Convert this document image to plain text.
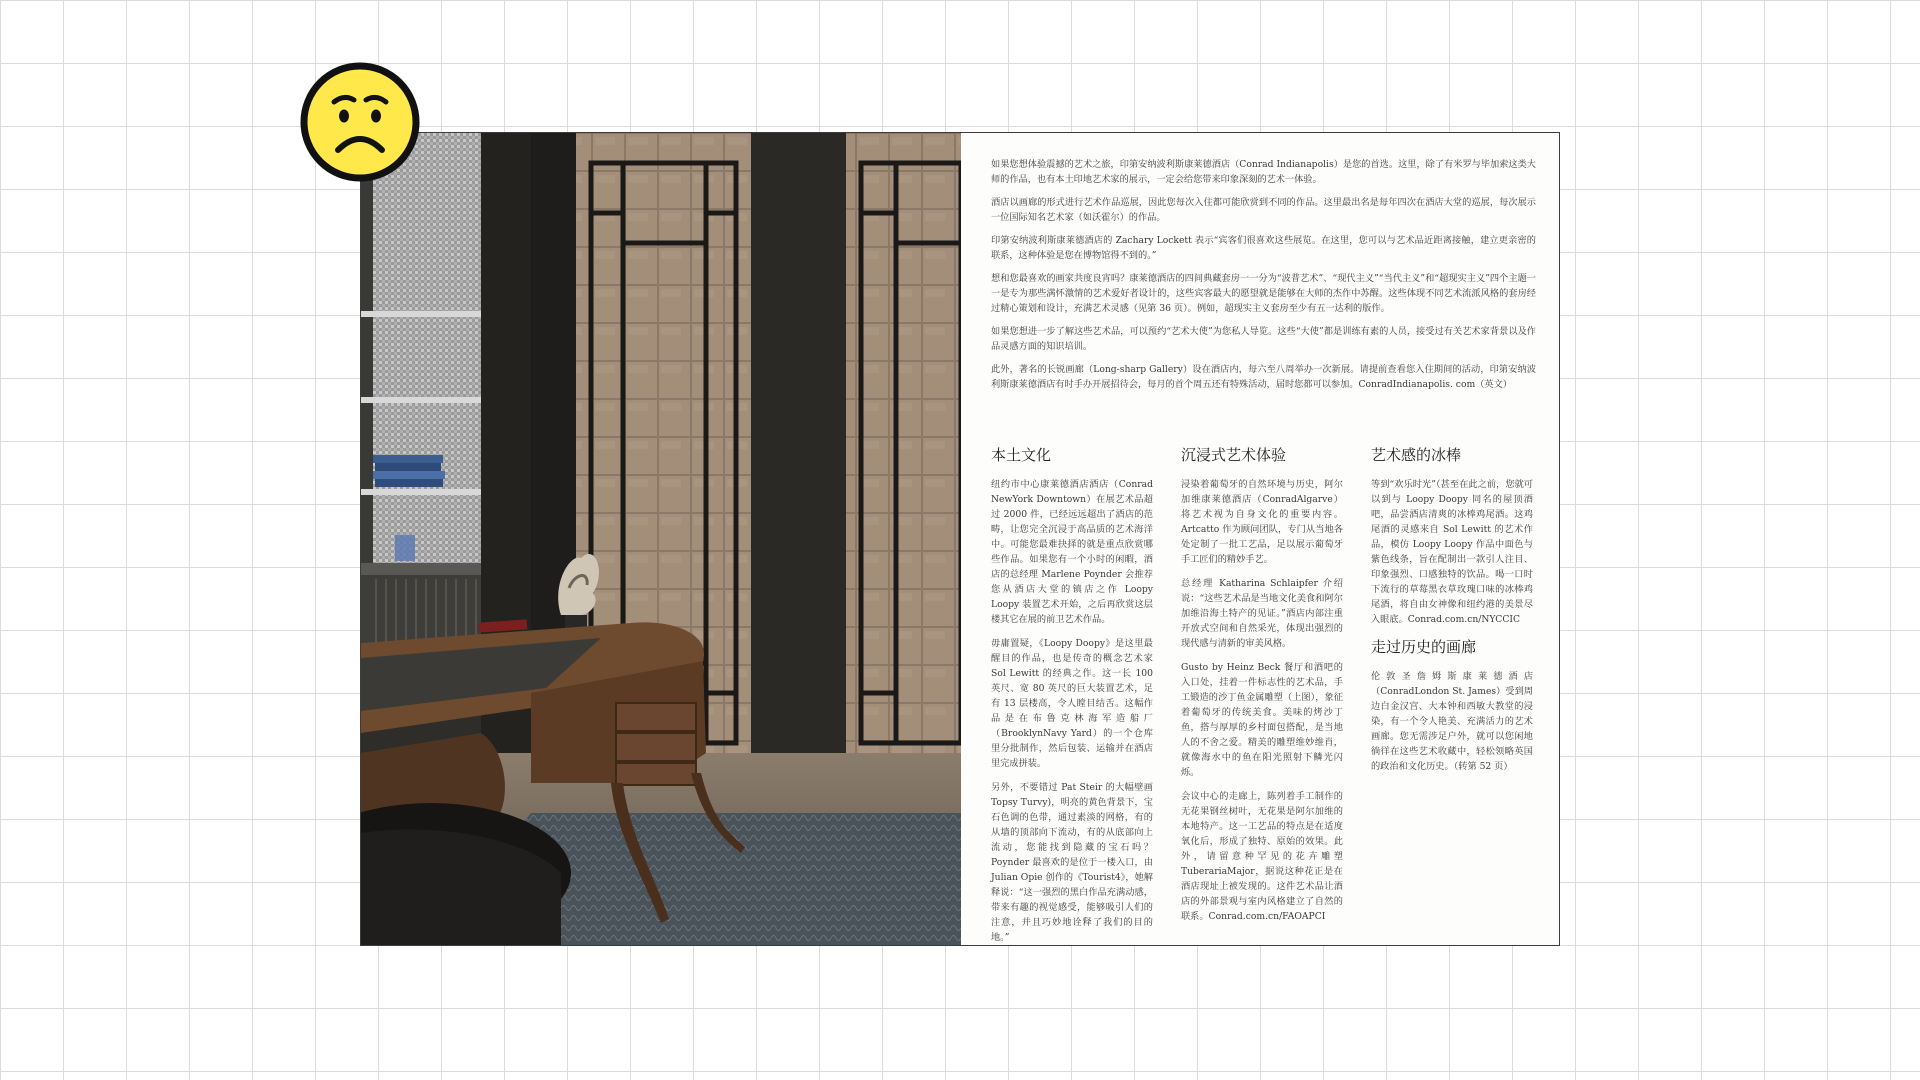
如果您想体验震撼的艺术之旅，印第安纳波利斯康莱德酒店（Conrad Indianapolis）是您的首选。这里，除了有米罗与毕加索这类大师的作品，也有本土印地艺术家的展示，一定会给您带来印象深刻的艺术一体验。

酒店以画廊的形式进行艺术作品巡展，因此您每次入住都可能欣赏到不同的作品。这里最出名是每年四次在酒店大堂的巡展，每次展示一位国际知名艺术家（如沃霍尔）的作品。

印第安纳波利斯康莱德酒店的 Zachary Lockett 表示“宾客们很喜欢这些展览。在这里，您可以与艺术品近距离接触，建立更亲密的联系，这种体验是您在博物馆得不到的。”

想和您最喜欢的画家共度良宵吗？康莱德酒店的四间典藏套房一一分为“波普艺术”、“现代主义”“当代主义”和“超现实主义”四个主题一一是专为那些满怀激情的艺术爱好者设计的，这些宾客最大的愿望就是能够在大师的杰作中苏醒。这些体现不同艺术流派风格的套房经过精心策划和设计，充满艺术灵感（见第 36 页）。例如，超现实主义套房至少有五一达利的版作。

如果您想进一步了解这些艺术品，可以预约“艺术大使”为您私人导览。这些“大使”都是训练有素的人员，接受过有关艺术家背景以及作品灵感方面的知识培训。

此外，著名的长锐画廊（Long-sharp Gallery）设在酒店内，每六至八周举办一次新展。请提前查看您入住期间的活动，印第安纳波利斯康莱德酒店有时手办开展招待会，每月的首个周五还有特殊活动，届时您都可以参加。ConradIndianapolis. com（英文）

本土文化

纽约市中心康莱德酒店酒店（Conrad NewYork Downtown）在展艺术品超过 2000 件，已经远远超出了酒店的范畴，让您完全沉浸于高品质的艺术海洋中。可能您最难抉择的就是重点欣赏哪些作品。如果您有一个小时的闲暇，酒店的总经理 Marlene Poynder 会推荐您从酒店大堂的镇店之作 Loopy Loopy 装置艺术开始，之后再欣赏这层楼其它在展的前卫艺术作品。

毋庸置疑，《Loopy Doopy》是这里最醒目的作品，也是传奇的概念艺术家 Sol Lewitt 的经典之作。这一长 100 英尺、宽 80 英尺的巨大装置艺术，足有 13 层楼高，令人瞠目结舌。这幅作品是在布鲁克林海军造船厂（BrooklynNavy Yard）的一个仓库里分批制作，然后包装、运输并在酒店里完成拼装。

另外，不要错过 Pat Steir 的大幅壁画 Topsy Turvy)，明亮的黄色背景下，宝石色调的色带，通过素淡的网格，有的从墙的顶部向下流动，有的从底部向上流动，您能找到隐藏的宝石吗？Poynder 最喜欢的是位于一楼入口，由 Julian Opie 创作的《Tourist4》，她解释说：“这一强烈的黑白作品充满动感，带来有趣的视觉感受，能够吸引人们的注意，并且巧妙地诠释了我们的目的地。”

沉浸式艺术体验

浸染着葡萄牙的自然环境与历史，阿尔加维康莱德酒店（ConradAlgarve）将艺术视为自身文化的重要内容。Artcatto 作为顾问团队，专门从当地各处定制了一批工艺品，足以展示葡萄牙手工匠们的精妙手艺。

总经理 Katharina Schlaipfer 介绍说：“这些艺术品是当地文化美食和阿尔加维沿海土特产的见证。”酒店内部注重开放式空间和自然采光，体现出强烈的现代感与清新的审美风格。

Gusto by Heinz Beck 餐厅和酒吧的入口处，挂着一件标志性的艺术品，手工锻造的沙丁鱼金属雕塑（上图），象征着葡萄牙的传统美食。美味的烤沙丁鱼，搭与厚厚的乡村面包搭配，是当地人的不舍之爱。精美的雕塑维妙维肖，就像海水中的鱼在阳光照射下鳞光闪烁。

会议中心的走廊上，陈列着手工制作的无花果钢丝树叶，无花果是阿尔加维的本地特产。这一工艺品的特点是在适度氧化后，形成了独特、原始的效果。此外，请留意种罕见的花卉雕塑 TuberariaMajor，据说这种花正是在酒店现址上被发现的。这件艺术品让酒店的外部景观与室内风格建立了自然的联系。Conrad.com.cn/FAOAPCI

艺术感的冰棒

等到“欢乐时光”（甚至在此之前，您就可以到与 Loopy Doopy 同名的屋顶酒吧，品尝酒店清爽的冰棒鸡尾酒。这鸡尾酒的灵感来自 Sol Lewitt 的艺术作品，模仿 Loopy Loopy 作品中面色与紫色线条，旨在配制出一款引人注目、印象强烈、口感独特的饮品。喝一口时下流行的草莓黑衣草玫瑰口味的冰棒鸡尾酒，将自由女神像和纽约港的美景尽入眼底。Conrad.com.cn/NYCCIC

走过历史的画廊

伦敦圣詹姆斯康莱德酒店（ConradLondon St. James）受到周边白金汉宫、大本钟和西敏大教堂的浸染，有一个令人艳美、充满活力的艺术画廊。您无需涉足户外，就可以您闲地徜徉在这些艺术收藏中，轻松领略英国的政治和文化历史。（转第 52 页）
